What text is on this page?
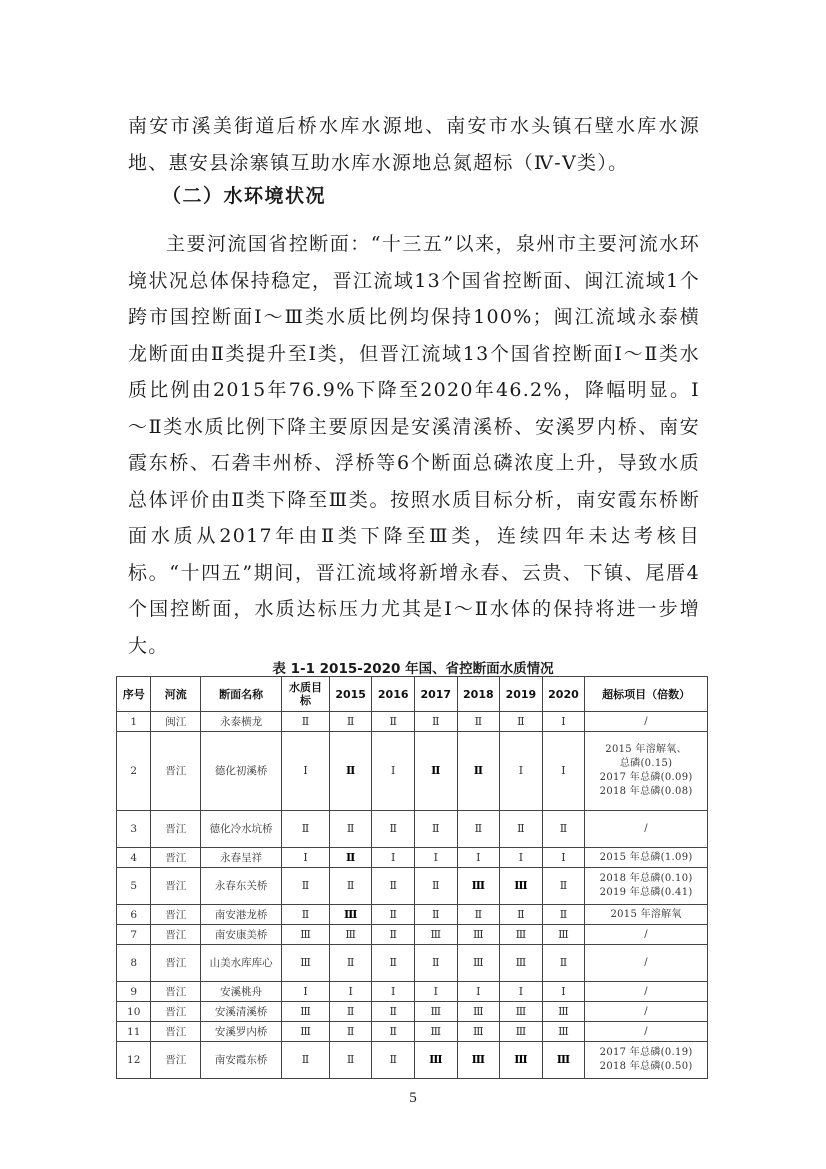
南安市溪美街道后桥水库水源地、南安市水头镇石壁水库水源地、惠安县涂寨镇互助水库水源地总氮超标（Ⅳ-Ⅴ类）。

（二）水环境状况

主要河流国省控断面：“十三五”以来，泉州市主要河流水环境状况总体保持稳定，晋江流域13个国省控断面、闽江流域1个跨市国控断面Ⅰ～Ⅲ类水质比例均保持100%；闽江流域永泰横龙断面由Ⅱ类提升至Ⅰ类，但晋江流域13个国省控断面Ⅰ～Ⅱ类水质比例由2015年76.9%下降至2020年46.2%，降幅明显。Ⅰ～Ⅱ类水质比例下降主要原因是安溪清溪桥、安溪罗内桥、南安霞东桥、石砻丰州桥、浮桥等6个断面总磷浓度上升，导致水质总体评价由Ⅱ类下降至Ⅲ类。按照水质目标分析，南安霞东桥断面水质从2017年由Ⅱ类下降至Ⅲ类，连续四年未达考核目标。“十四五”期间，晋江流域将新增永春、云贵、下镇、尾厝4个国控断面，水质达标压力尤其是Ⅰ～Ⅱ水体的保持将进一步增大。

表 1-1 2015-2020 年国、省控断面水质情况
序号	河流	断面名称	水质目标	2015	2016	2017	2018	2019	2020	超标项目（倍数）
1	闽江	永泰横龙	Ⅱ	Ⅱ	Ⅱ	Ⅱ	Ⅱ	Ⅱ	Ⅰ	/

2	晋江	德化初溪桥	Ⅰ	Ⅱ	Ⅰ	Ⅱ	Ⅱ	Ⅰ	Ⅰ	2015 年溶解氧、
总磷(0.15)
2017 年总磷(0.09)
2018 年总磷(0.08)

3	晋江	德化冷水坑桥	Ⅱ	Ⅱ	Ⅱ	Ⅱ	Ⅱ	Ⅱ	Ⅱ	/

4	晋江	永春呈祥	Ⅰ	Ⅱ	Ⅰ	Ⅰ	Ⅰ	Ⅰ	Ⅰ	2015 年总磷(1.09)

5	晋江	永春东关桥	Ⅱ	Ⅱ	Ⅱ	Ⅱ	Ⅲ	Ⅲ	Ⅱ	2018 年总磷(0.10)
2019 年总磷(0.41)

6	晋江	南安港龙桥	Ⅱ	Ⅲ	Ⅱ	Ⅱ	Ⅱ	Ⅱ	Ⅱ	2015 年溶解氧

7	晋江	南安康美桥	Ⅲ	Ⅲ	Ⅱ	Ⅲ	Ⅲ	Ⅲ	Ⅲ	/

8	晋江	山美水库库心	Ⅲ	Ⅱ	Ⅱ	Ⅱ	Ⅲ	Ⅲ	Ⅱ	/

9	晋江	安溪桃舟	Ⅰ	Ⅰ	Ⅰ	Ⅰ	Ⅰ	Ⅰ	Ⅰ	/

10	晋江	安溪清溪桥	Ⅲ	Ⅱ	Ⅱ	Ⅲ	Ⅲ	Ⅲ	Ⅲ	/

11	晋江	安溪罗内桥	Ⅲ	Ⅱ	Ⅱ	Ⅲ	Ⅲ	Ⅲ	Ⅲ	/

12	晋江	南安霞东桥	Ⅱ	Ⅱ	Ⅱ	Ⅲ	Ⅲ	Ⅲ	Ⅲ	2017 年总磷(0.19)
2018 年总磷(0.50)
5
